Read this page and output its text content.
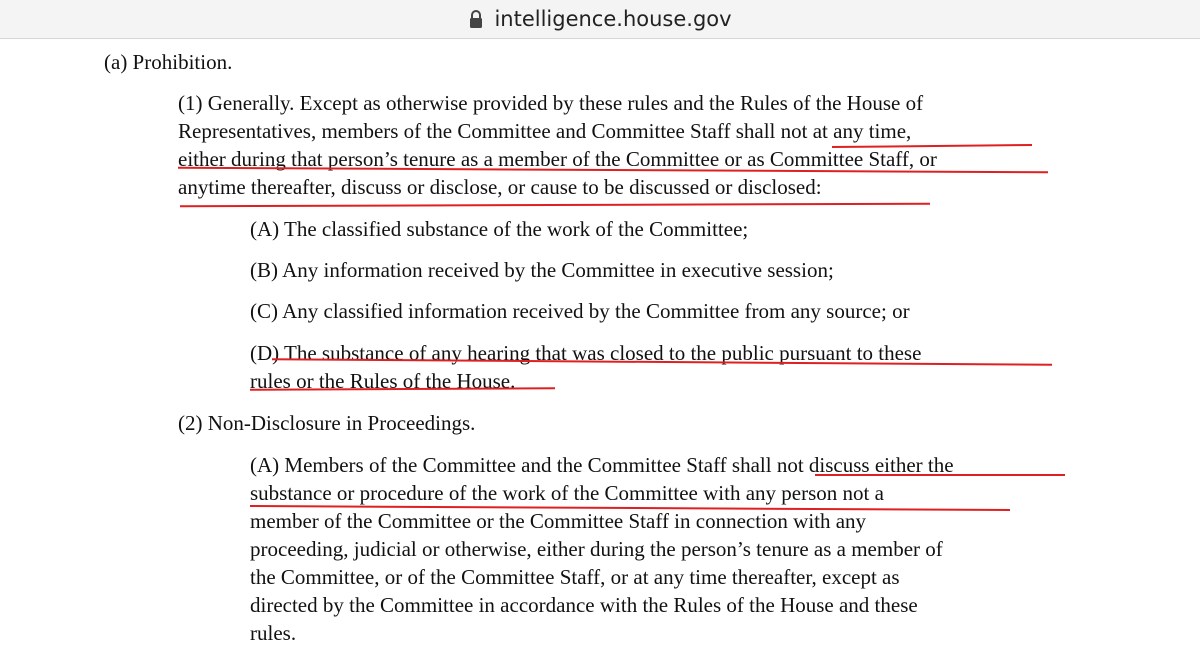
intelligence.house.gov
(a) Prohibition.
(1) Generally. Except as otherwise provided by these rules and the Rules of the House of
Representatives, members of the Committee and Committee Staff shall not at any time,
either during that person’s tenure as a member of the Committee or as Committee Staff, or
anytime thereafter, discuss or disclose, or cause to be discussed or disclosed:
(A) The classified substance of the work of the Committee;
(B) Any information received by the Committee in executive session;
(C) Any classified information received by the Committee from any source; or
(D) The substance of any hearing that was closed to the public pursuant to these
rules or the Rules of the House.
(2) Non-Disclosure in Proceedings.
(A) Members of the Committee and the Committee Staff shall not discuss either the
substance or procedure of the work of the Committee with any person not a
member of the Committee or the Committee Staff in connection with any
proceeding, judicial or otherwise, either during the person’s tenure as a member of
the Committee, or of the Committee Staff, or at any time thereafter, except as
directed by the Committee in accordance with the Rules of the House and these
rules.
